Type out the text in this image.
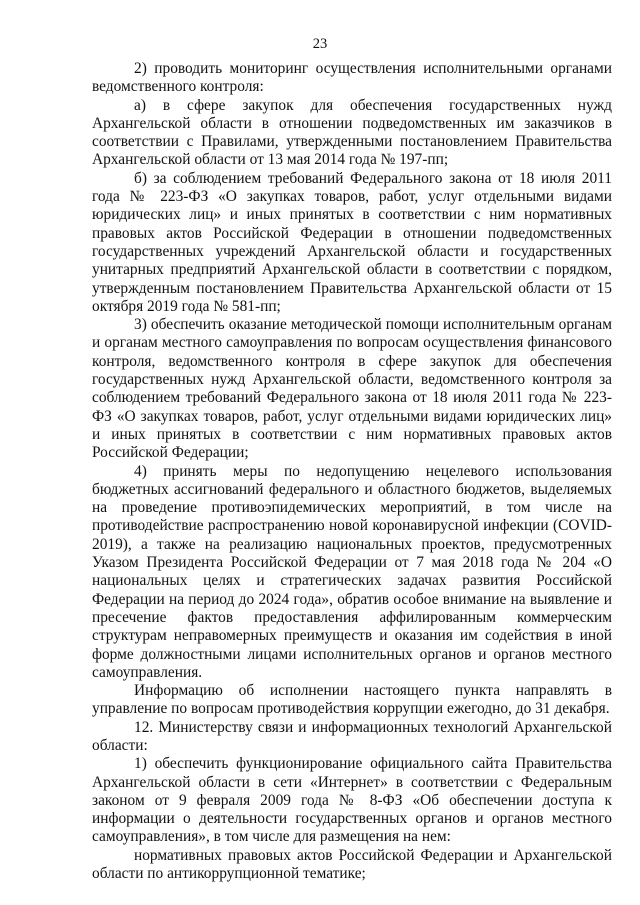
23

2) проводить мониторинг осуществления исполнительными органами ведомственного контроля:

а) в сфере закупок для обеспечения государственных нужд Архангельской области в отношении подведомственных им заказчиков в соответствии с Правилами, утвержденными постановлением Правительства Архангельской области от 13 мая 2014 года № 197-пп;

б) за соблюдением требований Федерального закона от 18 июля 2011 года № 223-ФЗ «О закупках товаров, работ, услуг отдельными видами юридических лиц» и иных принятых в соответствии с ним нормативных правовых актов Российской Федерации в отношении подведомственных государственных учреждений Архангельской области и государственных унитарных предприятий Архангельской области в соответствии с порядком, утвержденным постановлением Правительства Архангельской области от 15 октября 2019 года № 581-пп;

3) обеспечить оказание методической помощи исполнительным органам и органам местного самоуправления по вопросам осуществления финансового контроля, ведомственного контроля в сфере закупок для обеспечения государственных нужд Архангельской области, ведомственного контроля за соблюдением требований Федерального закона от 18 июля 2011 года № 223-ФЗ «О закупках товаров, работ, услуг отдельными видами юридических лиц» и иных принятых в соответствии с ним нормативных правовых актов Российской Федерации;

4) принять меры по недопущению нецелевого использования бюджетных ассигнований федерального и областного бюджетов, выделяемых на проведение противоэпидемических мероприятий, в том числе на противодействие распространению новой коронавирусной инфекции (COVID-2019), а также на реализацию национальных проектов, предусмотренных Указом Президента Российской Федерации от 7 мая 2018 года № 204 «О национальных целях и стратегических задачах развития Российской Федерации на период до 2024 года», обратив особое внимание на выявление и пресечение фактов предоставления аффилированным коммерческим структурам неправомерных преимуществ и оказания им содействия в иной форме должностными лицами исполнительных органов и органов местного самоуправления.

Информацию об исполнении настоящего пункта направлять в управление по вопросам противодействия коррупции ежегодно, до 31 декабря.

12. Министерству связи и информационных технологий Архангельской области:

1) обеспечить функционирование официального сайта Правительства Архангельской области в сети «Интернет» в соответствии с Федеральным законом от 9 февраля 2009 года № 8-ФЗ «Об обеспечении доступа к информации о деятельности государственных органов и органов местного самоуправления», в том числе для размещения на нем:

нормативных правовых актов Российской Федерации и Архангельской области по антикоррупционной тематике;
